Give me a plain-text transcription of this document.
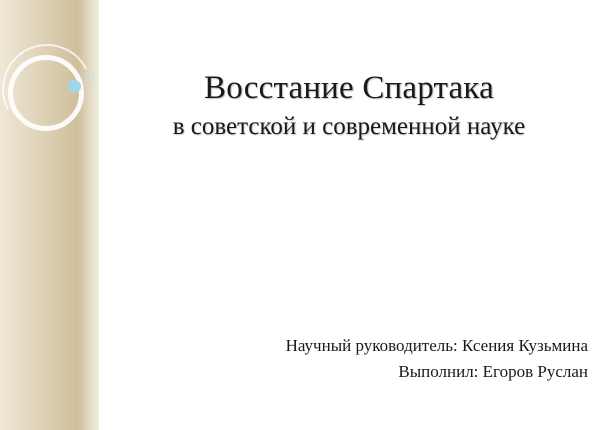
Восстание Спартака
в советской и современной науке
Научный руководитель: Ксения Кузьмина
Выполнил: Егоров Руслан
